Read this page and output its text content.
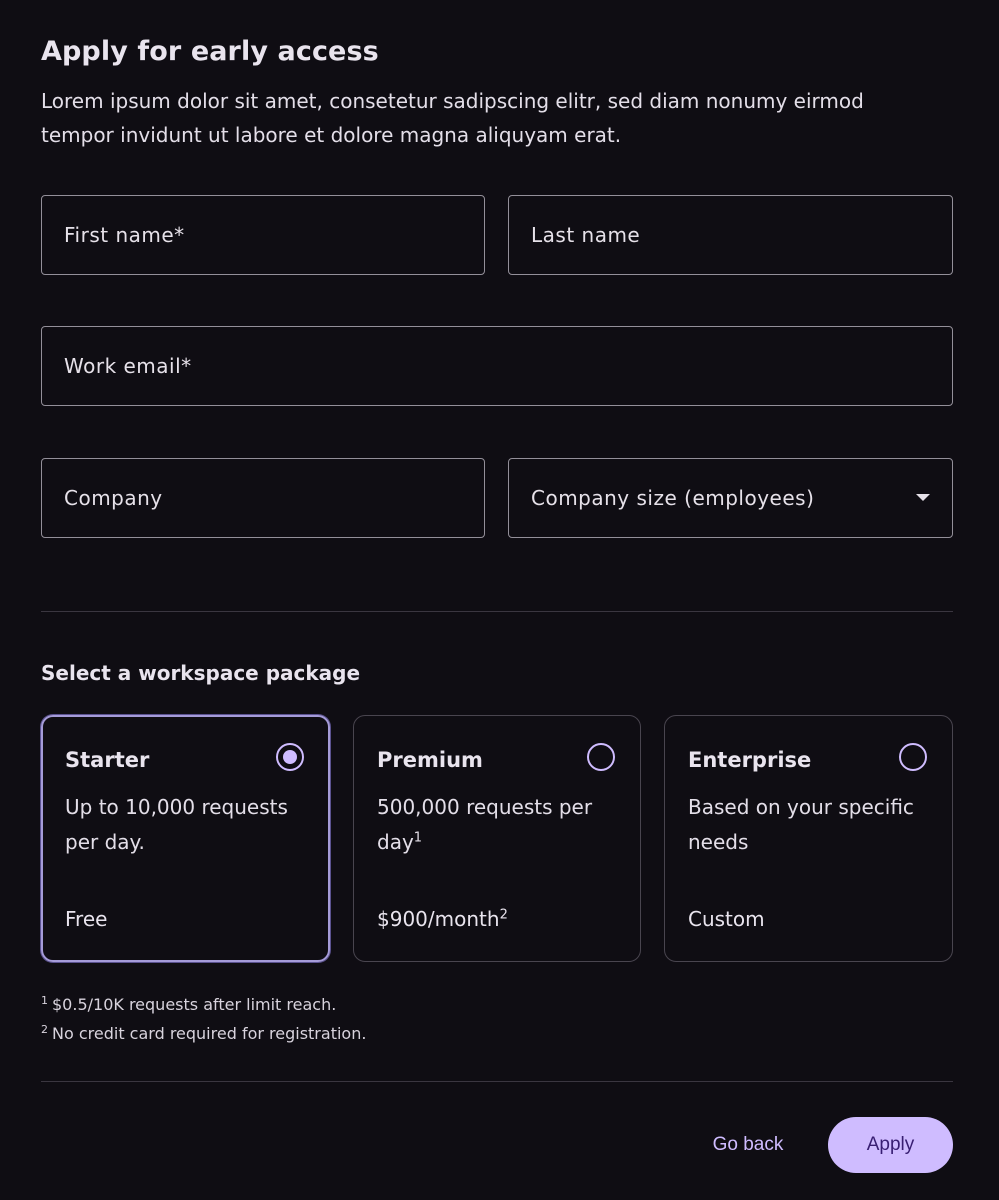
Apply for early access

Lorem ipsum dolor sit amet, consetetur sadipscing elitr, sed diam nonumy eirmod tempor invidunt ut labore et dolore magna aliquyam erat.

First name*	Last name
Work email*
Company	Company size (employees)
Select a workspace package
Starter
Up to 10,000 requests per day.
Free
Premium
500,000 requests per day$^1$
$900/month$^2$
Enterprise
Based on your specific needs
Custom
$^1$ $0.5/10K requests after limit reach.
$^2$ No credit card required for registration.
Go back	Apply
